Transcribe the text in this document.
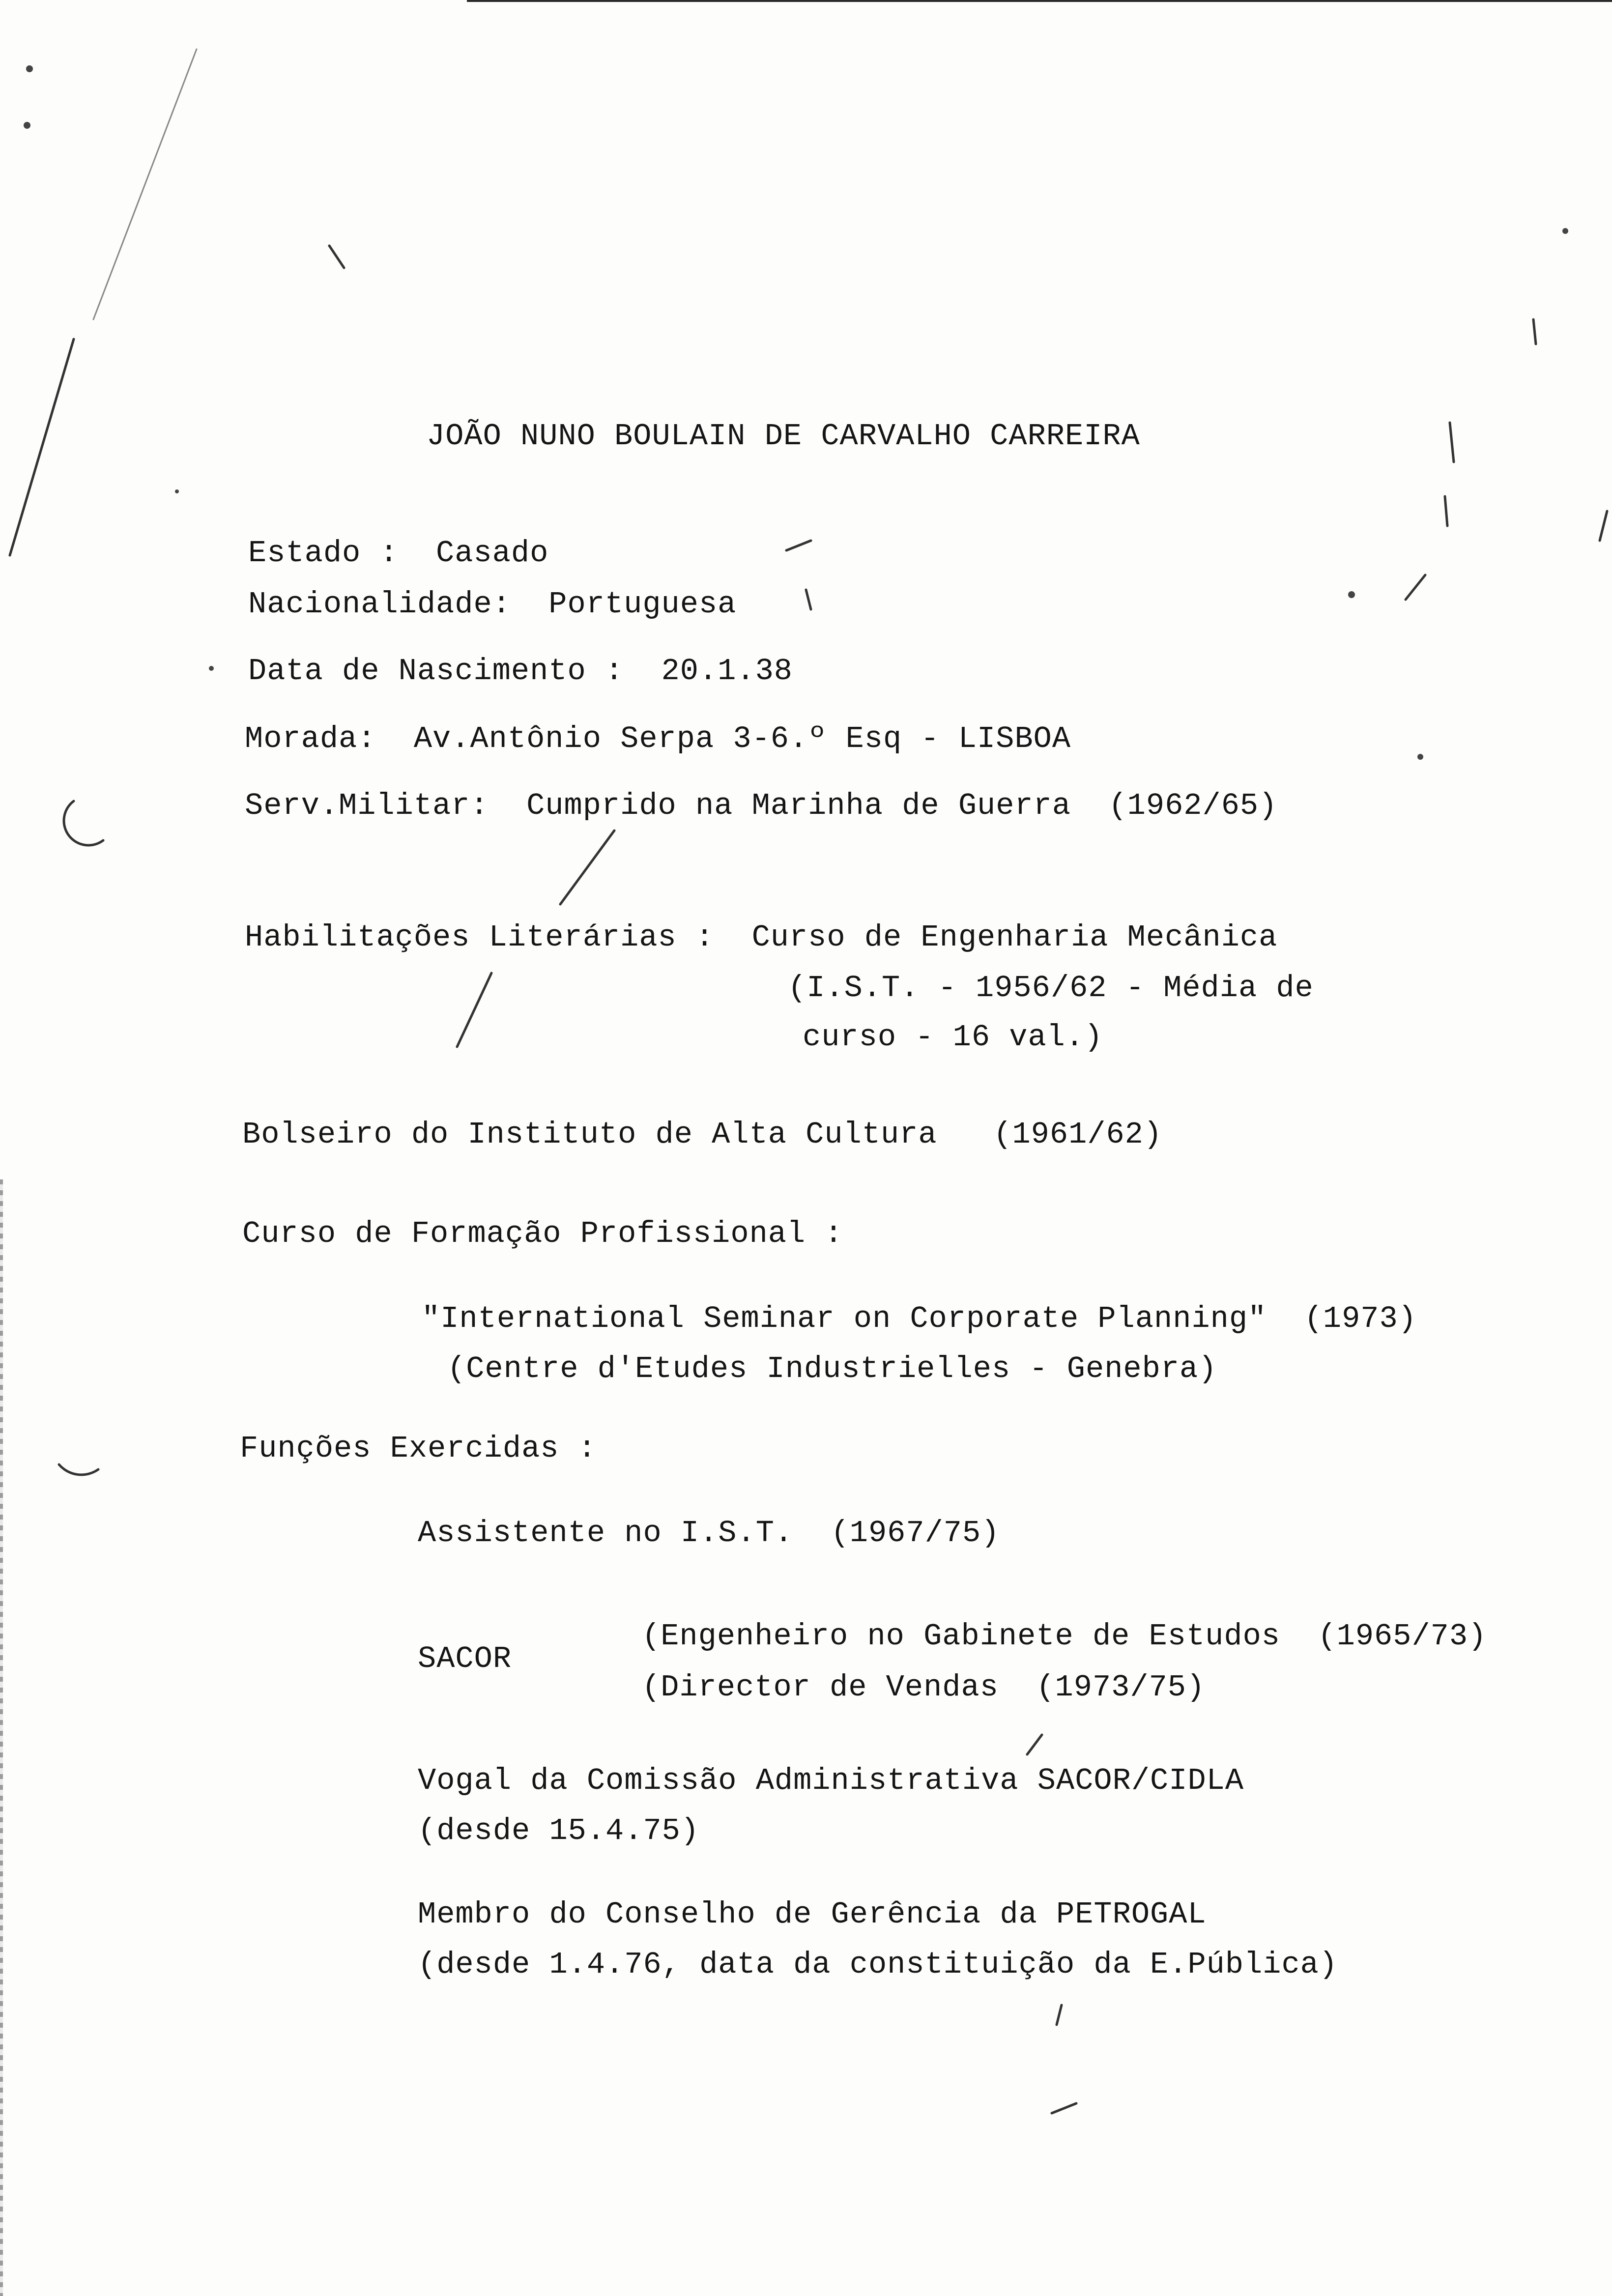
JOÃO NUNO BOULAIN DE CARVALHO CARREIRA
Estado :  Casado
Nacionalidade:  Portuguesa
Data de Nascimento :  20.1.38
Morada:  Av.Antônio Serpa 3-6.º Esq - LISBOA
Serv.Militar:  Cumprido na Marinha de Guerra  (1962/65)
Habilitações Literárias :  Curso de Engenharia Mecânica
(I.S.T. - 1956/62 - Média de
curso - 16 val.)
Bolseiro do Instituto de Alta Cultura   (1961/62)
Curso de Formação Profissional :
"International Seminar on Corporate Planning"  (1973)
(Centre d'Etudes Industrielles - Genebra)
Funções Exercidas :
Assistente no I.S.T.  (1967/75)
SACOR
(Engenheiro no Gabinete de Estudos  (1965/73)
(Director de Vendas  (1973/75)
Vogal da Comissão Administrativa SACOR/CIDLA
(desde 15.4.75)
Membro do Conselho de Gerência da PETROGAL
(desde 1.4.76, data da constituição da E.Pública)
